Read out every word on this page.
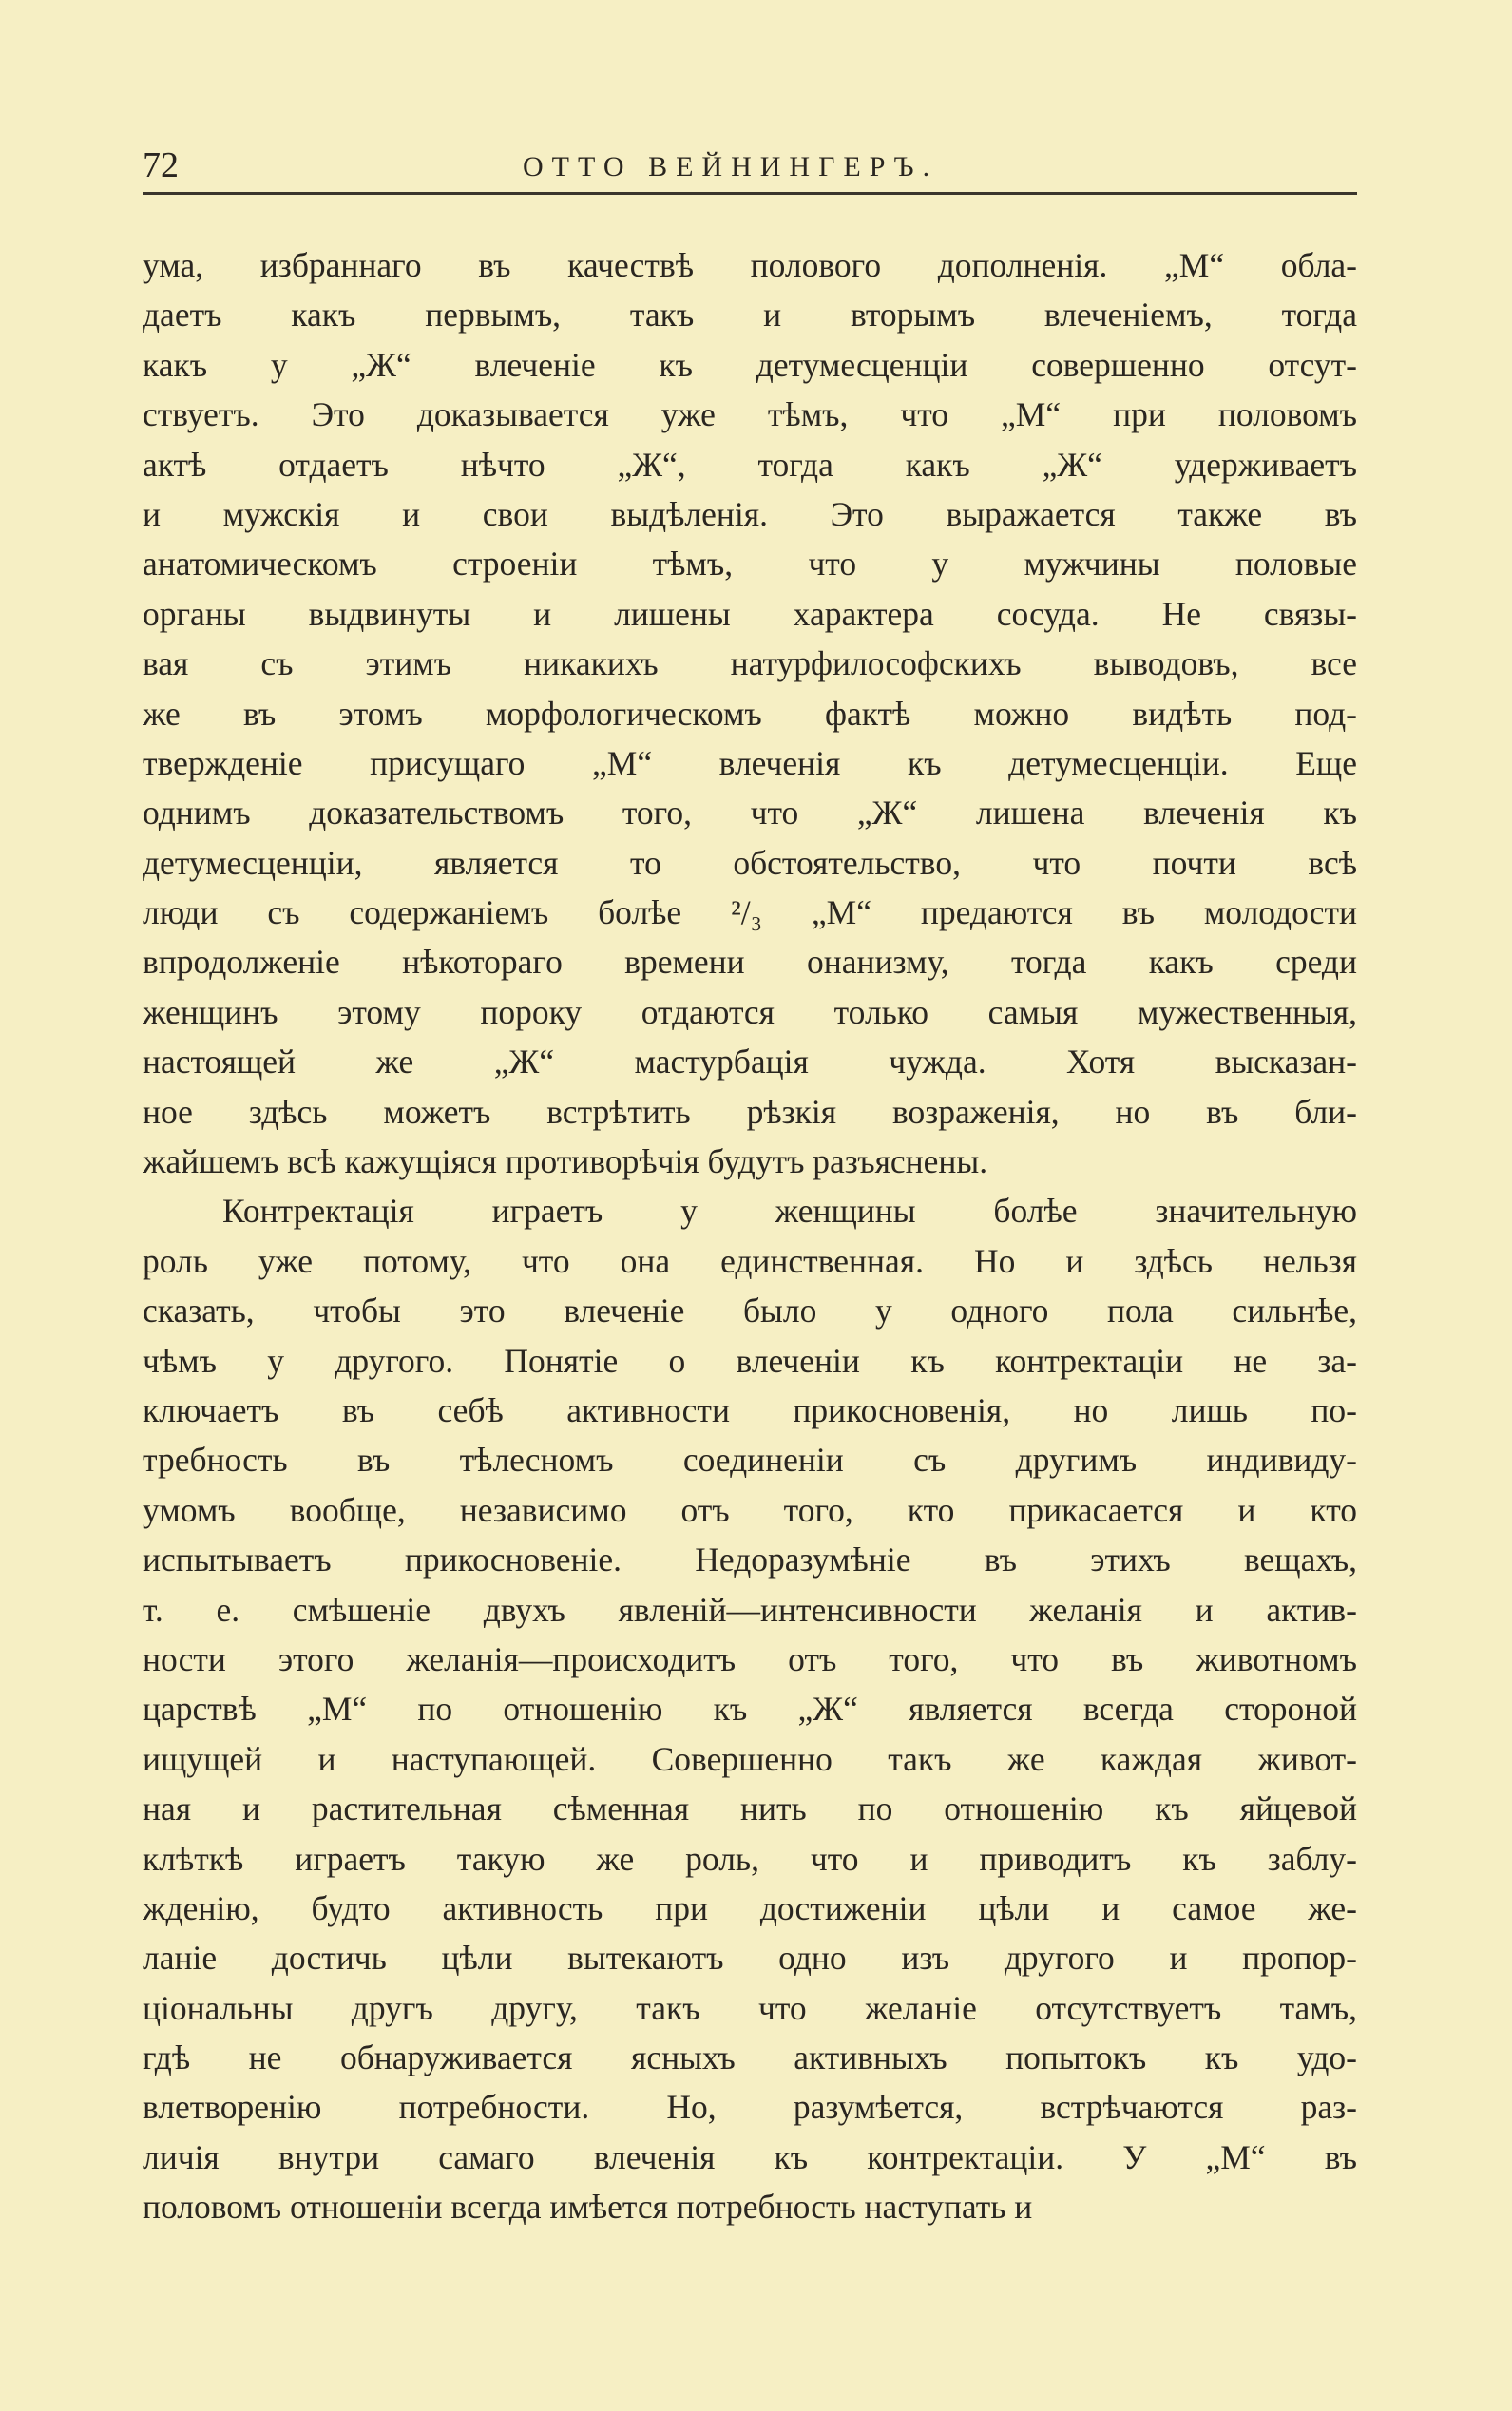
72	ОТТО ВЕЙНИНГЕРЪ.
ума, избраннаго въ качествѣ полового дополненія. „М“ обла-
даетъ какъ первымъ, такъ и вторымъ влеченіемъ, тогда
какъ у „Ж“ влеченіе къ детумесценціи совершенно отсут-
ствуетъ. Это доказывается уже тѣмъ, что „М“ при половомъ
актѣ отдаетъ нѣчто „Ж“, тогда какъ „Ж“ удерживаетъ
и мужскія и свои выдѣленія. Это выражается также въ
анатомическомъ строеніи тѣмъ, что у мужчины половые
органы выдвинуты и лишены характера сосуда. Не связы-
вая съ этимъ никакихъ натурфилософскихъ выводовъ, все
же въ этомъ морфологическомъ фактѣ можно видѣть под-
твержденіе присущаго „М“ влеченія къ детумесценціи. Еще
однимъ доказательствомъ того, что „Ж“ лишена влеченія къ
детумесценціи, является то обстоятельство, что почти всѣ
люди съ содержаніемъ болѣе ²/₃ „М“ предаются въ молодости
впродолженіе нѣкотораго времени онанизму, тогда какъ среди
женщинъ этому пороку отдаются только самыя мужественныя,
настоящей же „Ж“ мастурбація чужда. Хотя высказан-
ное здѣсь можетъ встрѣтить рѣзкія возраженія, но въ бли-
жайшемъ всѣ кажущіяся противорѣчія будутъ разъяснены.
Контректація играетъ у женщины болѣе значительную
роль уже потому, что она единственная. Но и здѣсь нельзя
сказать, чтобы это влеченіе было у одного пола сильнѣе,
чѣмъ у другого. Понятіе о влеченіи къ контректаціи не за-
ключаетъ въ себѣ активности прикосновенія, но лишь по-
требность въ тѣлесномъ соединеніи съ другимъ индивиду-
умомъ вообще, независимо отъ того, кто прикасается и кто
испытываетъ прикосновеніе. Недоразумѣніе въ этихъ вещахъ,
т. е. смѣшеніе двухъ явленій—интенсивности желанія и актив-
ности этого желанія—происходитъ отъ того, что въ животномъ
царствѣ „М“ по отношенію къ „Ж“ является всегда стороной
ищущей и наступающей. Совершенно такъ же каждая живот-
ная и растительная сѣменная нить по отношенію къ яйцевой
клѣткѣ играетъ такую же роль, что и приводитъ къ заблу-
жденію, будто активность при достиженіи цѣли и самое же-
ланіе достичь цѣли вытекаютъ одно изъ другого и пропор-
ціональны другъ другу, такъ что желаніе отсутствуетъ тамъ,
гдѣ не обнаруживается ясныхъ активныхъ попытокъ къ удо-
влетворенію потребности. Но, разумѣется, встрѣчаются раз-
личія внутри самаго влеченія къ контректаціи. У „М“ въ
половомъ отношеніи всегда имѣется потребность наступать и
